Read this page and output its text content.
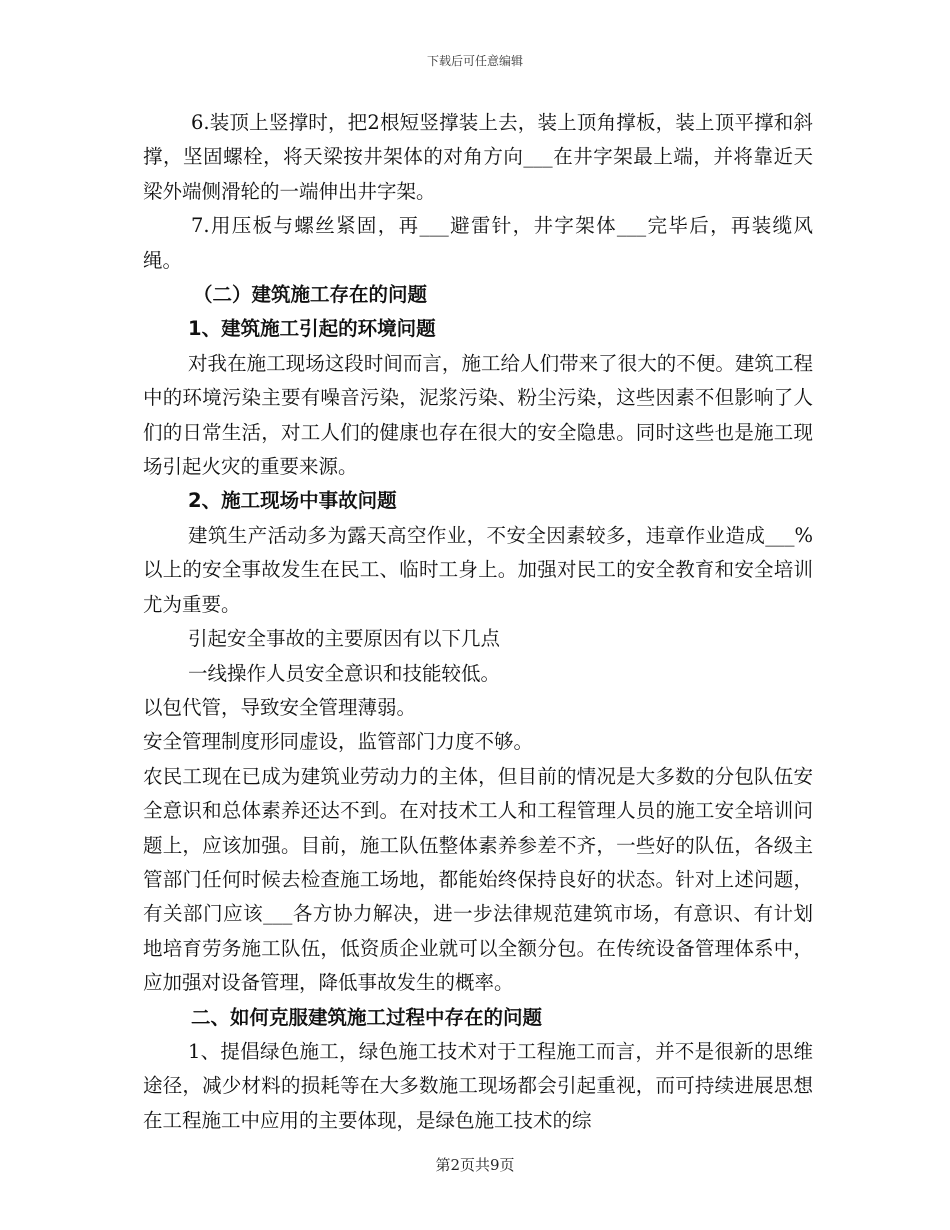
下载后可任意编辑

6.装顶上竖撑时，把2根短竖撑装上去，装上顶角撑板，装上顶平撑和斜撑，坚固螺栓，将天梁按井架体的对角方向___在井字架最上端，并将靠近天梁外端侧滑轮的一端伸出井字架。

7.用压板与螺丝紧固，再___避雷针，井字架体___完毕后，再装缆风绳。

（二）建筑施工存在的问题

1、建筑施工引起的环境问题

对我在施工现场这段时间而言，施工给人们带来了很大的不便。建筑工程中的环境污染主要有噪音污染，泥浆污染、粉尘污染，这些因素不但影响了人们的日常生活，对工人们的健康也存在很大的安全隐患。同时这些也是施工现场引起火灾的重要来源。

2、施工现场中事故问题

建筑生产活动多为露天高空作业，不安全因素较多，违章作业造成___%以上的安全事故发生在民工、临时工身上。加强对民工的安全教育和安全培训尤为重要。

引起安全事故的主要原因有以下几点

一线操作人员安全意识和技能较低。

以包代管，导致安全管理薄弱。

安全管理制度形同虚设，监管部门力度不够。

农民工现在已成为建筑业劳动力的主体，但目前的情况是大多数的分包队伍安全意识和总体素养还达不到。在对技术工人和工程管理人员的施工安全培训问题上，应该加强。目前，施工队伍整体素养参差不齐，一些好的队伍，各级主管部门任何时候去检查施工场地，都能始终保持良好的状态。针对上述问题，有关部门应该___各方协力解决，进一步法律规范建筑市场，有意识、有计划地培育劳务施工队伍，低资质企业就可以全额分包。在传统设备管理体系中，应加强对设备管理，降低事故发生的概率。

二、如何克服建筑施工过程中存在的问题

1、提倡绿色施工，绿色施工技术对于工程施工而言，并不是很新的思维途径，减少材料的损耗等在大多数施工现场都会引起重视，而可持续进展思想在工程施工中应用的主要体现，是绿色施工技术的综

第2页共9页
